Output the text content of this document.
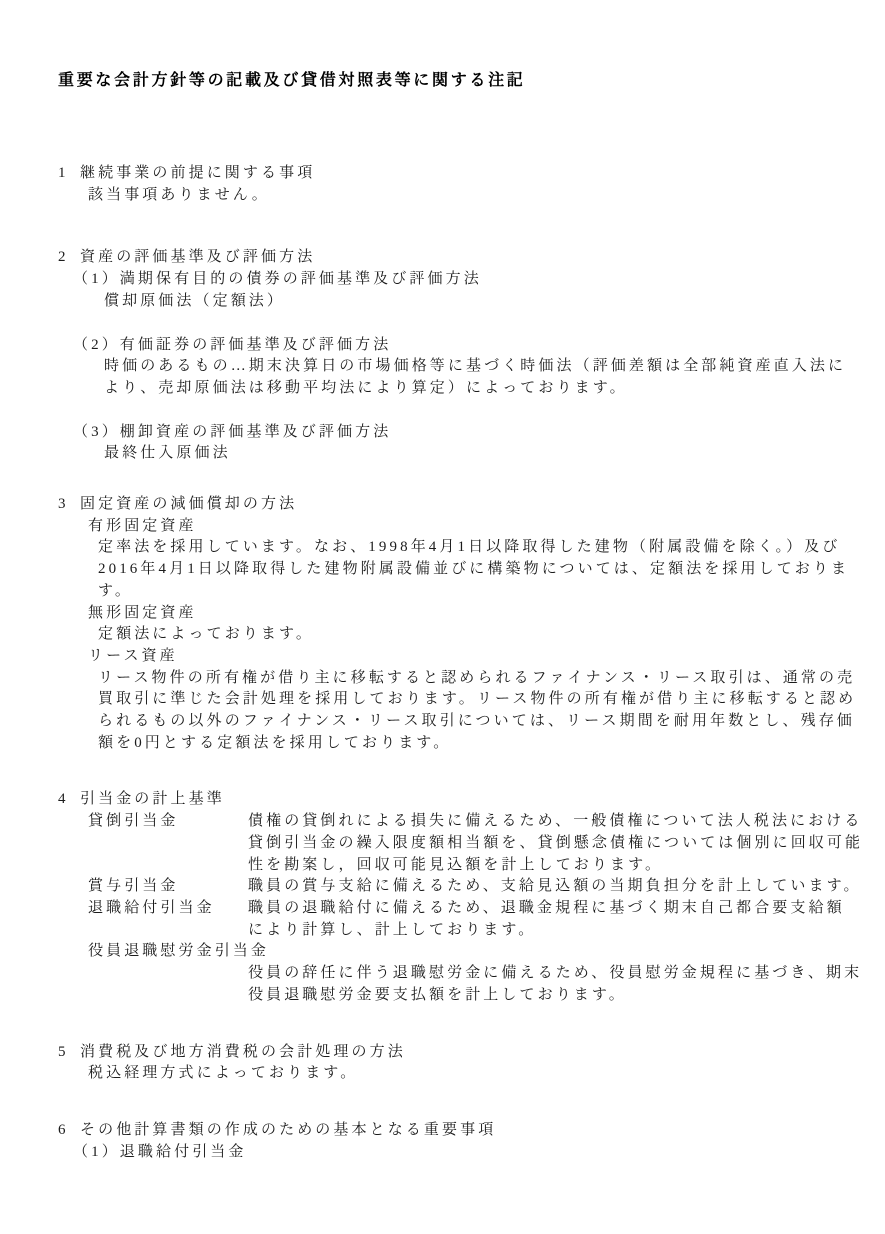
重要な会計方針等の記載及び貸借対照表等に関する注記
1 継続事業の前提に関する事項
該当事項ありません。
2 資産の評価基準及び評価方法
（1）満期保有目的の債券の評価基準及び評価方法
償却原価法（定額法）
（2）有価証券の評価基準及び評価方法
時価のあるもの…期末決算日の市場価格等に基づく時価法（評価差額は全部純資産直入法に
より、売却原価法は移動平均法により算定）によっております。
（3）棚卸資産の評価基準及び評価方法
最終仕入原価法
3 固定資産の減価償却の方法
有形固定資産
定率法を採用しています。なお、1998年4月1日以降取得した建物（附属設備を除く。）及び
2016年4月1日以降取得した建物附属設備並びに構築物については、定額法を採用しておりま
す。
無形固定資産
定額法によっております。
リース資産
リース物件の所有権が借り主に移転すると認められるファイナンス・リース取引は、通常の売
買取引に準じた会計処理を採用しております。リース物件の所有権が借り主に移転すると認め
られるもの以外のファイナンス・リース取引については、リース期間を耐用年数とし、残存価
額を0円とする定額法を採用しております。
4 引当金の計上基準
貸倒引当金	債権の貸倒れによる損失に備えるため、一般債権について法人税法における
貸倒引当金の繰入限度額相当額を、貸倒懸念債権については個別に回収可能
性を勘案し，回収可能見込額を計上しております。
賞与引当金	職員の賞与支給に備えるため、支給見込額の当期負担分を計上しています。
退職給付引当金	職員の退職給付に備えるため、退職金規程に基づく期末自己都合要支給額
により計算し、計上しております。
役員退職慰労金引当金
役員の辞任に伴う退職慰労金に備えるため、役員慰労金規程に基づき、期末
役員退職慰労金要支払額を計上しております。
5 消費税及び地方消費税の会計処理の方法
税込経理方式によっております。
6 その他計算書類の作成のための基本となる重要事項
（1）退職給付引当金
